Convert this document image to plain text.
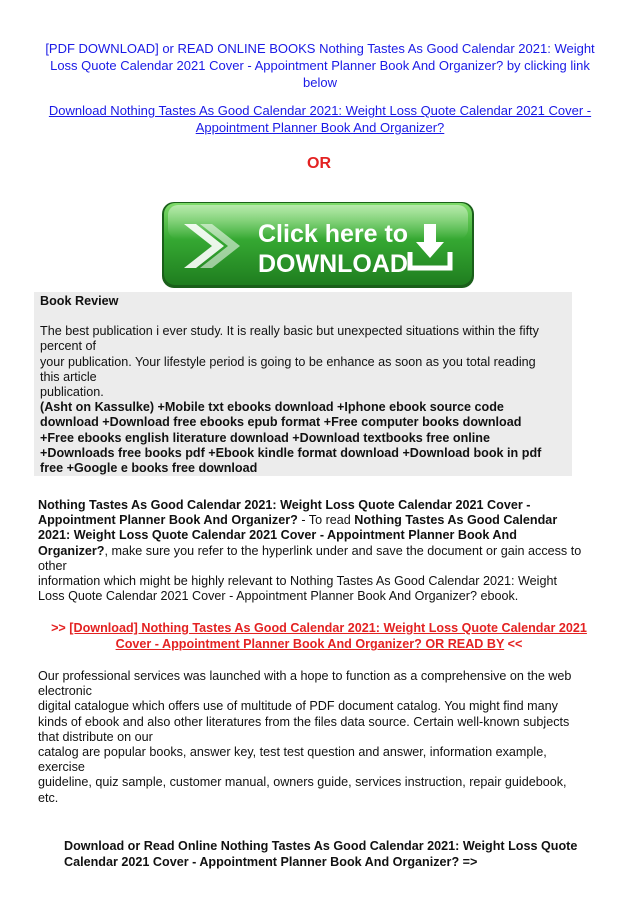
[PDF DOWNLOAD] or READ ONLINE BOOKS Nothing Tastes As Good Calendar 2021: Weight Loss Quote Calendar 2021 Cover - Appointment Planner Book And Organizer? by clicking link below
Download Nothing Tastes As Good Calendar 2021: Weight Loss Quote Calendar 2021 Cover - Appointment Planner Book And Organizer?
OR
Click here to
DOWNLOAD
Book Review
The best publication i ever study. It is really basic but unexpected situations within the fifty
percent of
your publication. Your lifestyle period is going to be enhance as soon as you total reading
this article
publication.
(Asht on Kassulke) +Mobile txt ebooks download +Iphone ebook source code
download +Download free ebooks epub format +Free computer books download
+Free ebooks english literature download +Download textbooks free online
+Downloads free books pdf +Ebook kindle format download +Download book in pdf
free +Google e books free download
Nothing Tastes As Good Calendar 2021: Weight Loss Quote Calendar 2021 Cover -
Appointment Planner Book And Organizer? - To read Nothing Tastes As Good Calendar
2021: Weight Loss Quote Calendar 2021 Cover - Appointment Planner Book And
Organizer?, make sure you refer to the hyperlink under and save the document or gain access to
other
information which might be highly relevant to Nothing Tastes As Good Calendar 2021: Weight
Loss Quote Calendar 2021 Cover - Appointment Planner Book And Organizer? ebook.
>> [Download] Nothing Tastes As Good Calendar 2021: Weight Loss Quote Calendar 2021
Cover - Appointment Planner Book And Organizer? OR READ BY <<
Our professional services was launched with a hope to function as a comprehensive on the web
electronic
digital catalogue which offers use of multitude of PDF document catalog. You might find many
kinds of ebook and also other literatures from the files data source. Certain well-known subjects
that distribute on our
catalog are popular books, answer key, test test question and answer, information example,
exercise
guideline, quiz sample, customer manual, owners guide, services instruction, repair guidebook,
etc.
Download or Read Online Nothing Tastes As Good Calendar 2021: Weight Loss Quote
Calendar 2021 Cover - Appointment Planner Book And Organizer? =>
